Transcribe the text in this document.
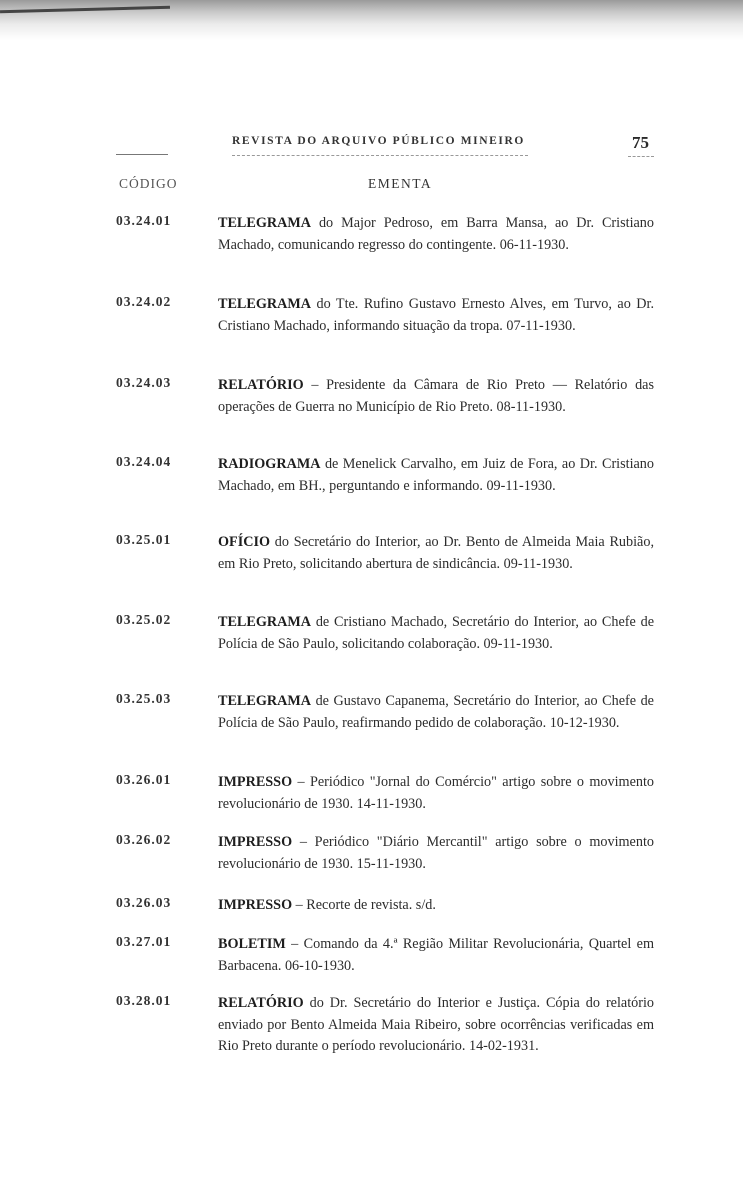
REVISTA DO ARQUIVO PÚBLICO MINEIRO	75
CÓDIGO	EMENTA
03.24.01	TELEGRAMA do Major Pedroso, em Barra Mansa, ao Dr. Cristiano Machado, comunicando regresso do contingente. 06-11-1930.
03.24.02	TELEGRAMA do Tte. Rufino Gustavo Ernesto Alves, em Turvo, ao Dr. Cristiano Machado, informando situação da tropa. 07-11-1930.
03.24.03	RELATÓRIO – Presidente da Câmara de Rio Preto — Relatório das operações de Guerra no Município de Rio Preto. 08-11-1930.
03.24.04	RADIOGRAMA de Menelick Carvalho, em Juiz de Fora, ao Dr. Cristiano Machado, em BH., perguntando e informando. 09-11-1930.
03.25.01	OFÍCIO do Secretário do Interior, ao Dr. Bento de Almeida Maia Rubião, em Rio Preto, solicitando abertura de sindicância. 09-11-1930.
03.25.02	TELEGRAMA de Cristiano Machado, Secretário do Interior, ao Chefe de Polícia de São Paulo, solicitando colaboração. 09-11-1930.
03.25.03	TELEGRAMA de Gustavo Capanema, Secretário do Interior, ao Chefe de Polícia de São Paulo, reafirmando pedido de colaboração. 10-12-1930.
03.26.01	IMPRESSO – Periódico "Jornal do Comércio" artigo sobre o movimento revolucionário de 1930. 14-11-1930.
03.26.02	IMPRESSO – Periódico "Diário Mercantil" artigo sobre o movimento revolucionário de 1930. 15-11-1930.
03.26.03	IMPRESSO – Recorte de revista. s/d.
03.27.01	BOLETIM – Comando da 4.ª Região Militar Revolucionária, Quartel em Barbacena. 06-10-1930.
03.28.01	RELATÓRIO do Dr. Secretário do Interior e Justiça. Cópia do relatório enviado por Bento Almeida Maia Ribeiro, sobre ocorrências verificadas em Rio Preto durante o período revolucionário. 14-02-1931.
